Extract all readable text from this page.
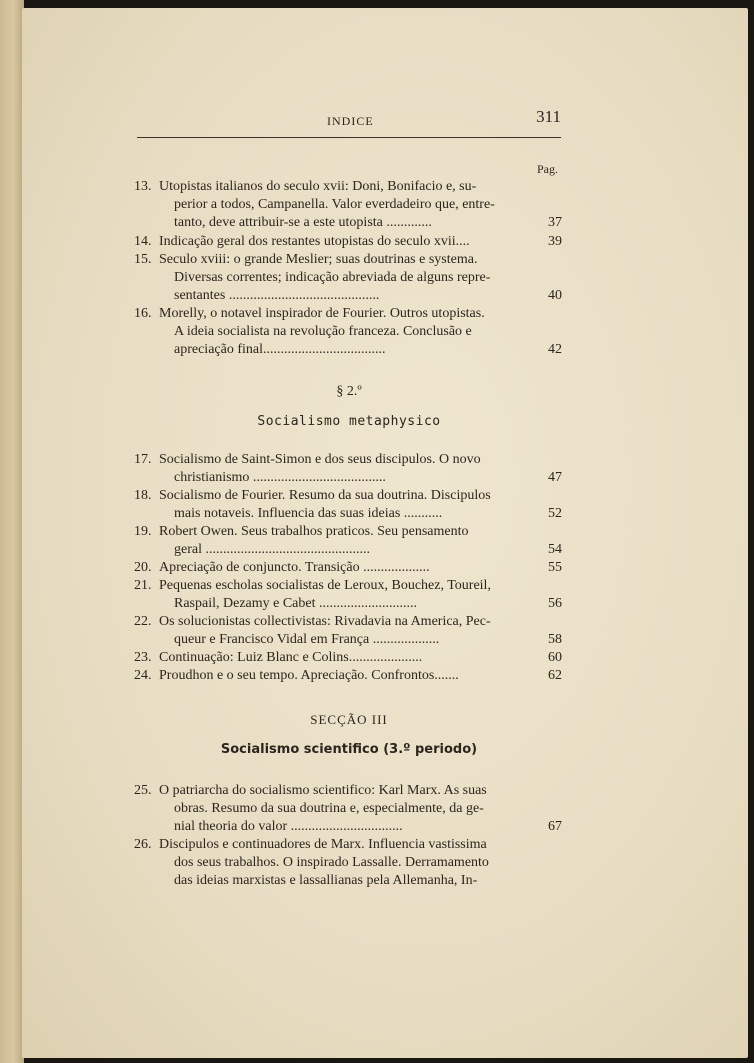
INDICE	311
Pag.
13. Utopistas italianos do seculo xvii: Doni, Bonifacio e, su-
perior a todos, Campanella. Valor everdadeiro que, entre-
tanto, deve attribuir-se a este utopista .............	37
14. Indicação geral dos restantes utopistas do seculo xvii....	39
15. Seculo xviii: o grande Meslier; suas doutrinas e systema.
Diversas correntes; indicação abreviada de alguns repre-
sentantes ...........................................	40
16. Morelly, o notavel inspirador de Fourier. Outros utopistas.
A ideia socialista na revolução franceza. Conclusão e
apreciação final...................................	42
§ 2.º
Socialismo metaphysico
17. Socialismo de Saint-Simon e dos seus discipulos. O novo
christianismo ......................................	47
18. Socialismo de Fourier. Resumo da sua doutrina. Discipulos
mais notaveis. Influencia das suas ideias ...........	52
19. Robert Owen. Seus trabalhos praticos. Seu pensamento
geral ...............................................	54
20. Apreciação de conjuncto. Transição ...................	55
21. Pequenas escholas socialistas de Leroux, Bouchez, Toureil,
Raspail, Dezamy e Cabet ............................	56
22. Os solucionistas collectivistas: Rivadavia na America, Pec-
queur e Francisco Vidal em França ...................	58
23. Continuação: Luiz Blanc e Colins.....................	60
24. Proudhon e o seu tempo. Apreciação. Confrontos.......	62
SECÇÃO III
Socialismo scientifico (3.º periodo)
25. O patriarcha do socialismo scientifico: Karl Marx. As suas
obras. Resumo da sua doutrina e, especialmente, da ge-
nial theoria do valor ................................	67
26. Discipulos e continuadores de Marx. Influencia vastissima
dos seus trabalhos. O inspirado Lassalle. Derramamento
das ideias marxistas e lassallianas pela Allemanha, In-
